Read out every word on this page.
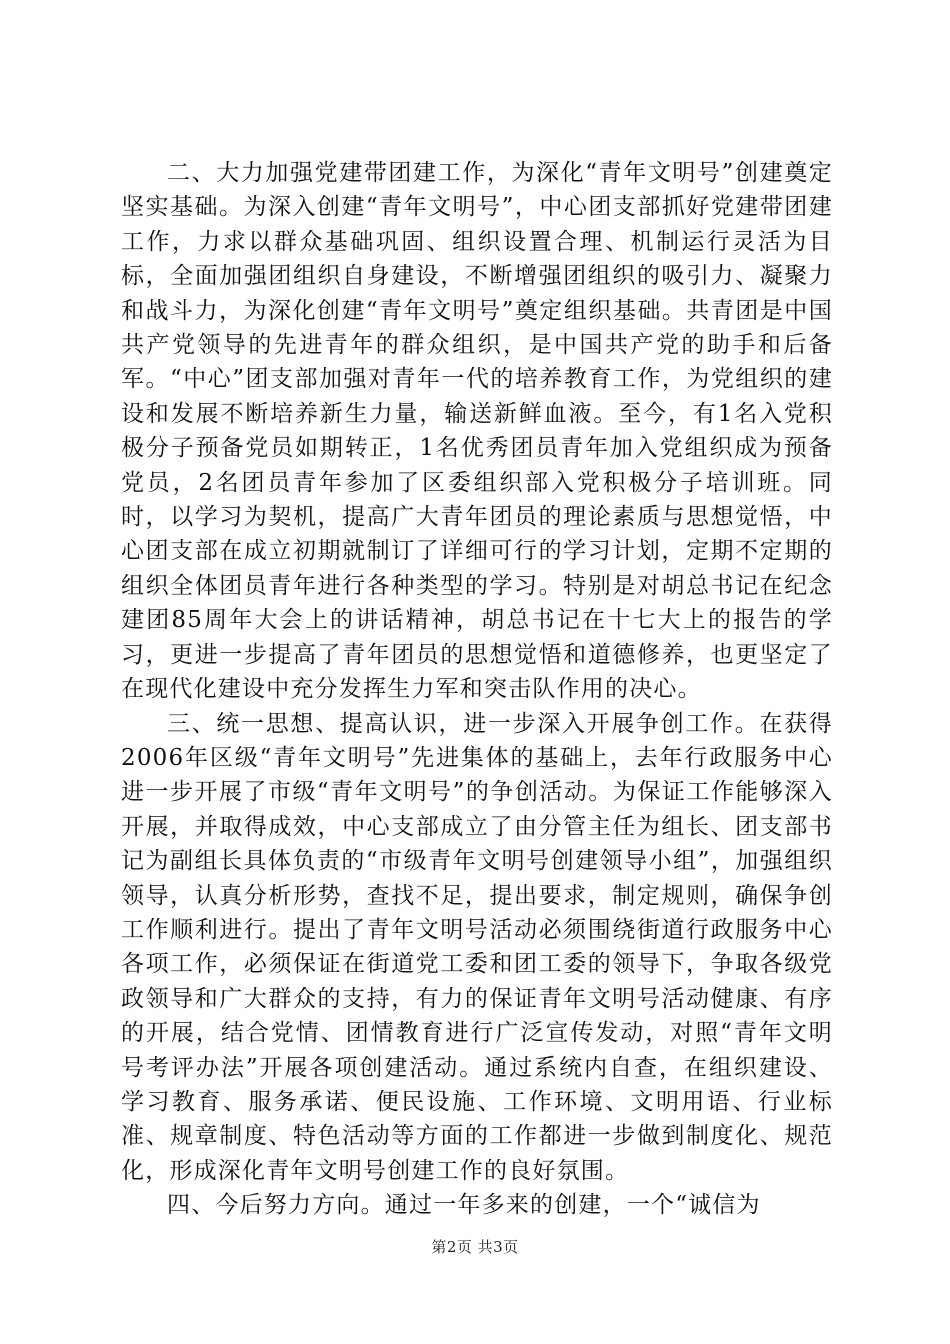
二、大力加强党建带团建工作，为深化“青年文明号”创建奠定坚实基础。为深入创建“青年文明号”，中心团支部抓好党建带团建工作，力求以群众基础巩固、组织设置合理、机制运行灵活为目标，全面加强团组织自身建设，不断增强团组织的吸引力、凝聚力和战斗力，为深化创建“青年文明号”奠定组织基础。共青团是中国共产党领导的先进青年的群众组织，是中国共产党的助手和后备军。“中心”团支部加强对青年一代的培养教育工作，为党组织的建设和发展不断培养新生力量，输送新鲜血液。至今，有1名入党积极分子预备党员如期转正，1名优秀团员青年加入党组织成为预备党员，2名团员青年参加了区委组织部入党积极分子培训班。同时，以学习为契机，提高广大青年团员的理论素质与思想觉悟，中心团支部在成立初期就制订了详细可行的学习计划，定期不定期的组织全体团员青年进行各种类型的学习。特别是对胡总书记在纪念建团85周年大会上的讲话精神，胡总书记在十七大上的报告的学习，更进一步提高了青年团员的思想觉悟和道德修养，也更坚定了在现代化建设中充分发挥生力军和突击队作用的决心。

三、统一思想、提高认识，进一步深入开展争创工作。在获得2006年区级“青年文明号”先进集体的基础上，去年行政服务中心进一步开展了市级“青年文明号”的争创活动。为保证工作能够深入开展，并取得成效，中心支部成立了由分管主任为组长、团支部书记为副组长具体负责的“市级青年文明号创建领导小组”，加强组织领导，认真分析形势，查找不足，提出要求，制定规则，确保争创工作顺利进行。提出了青年文明号活动必须围绕街道行政服务中心各项工作，必须保证在街道党工委和团工委的领导下，争取各级党政领导和广大群众的支持，有力的保证青年文明号活动健康、有序的开展，结合党情、团情教育进行广泛宣传发动，对照“青年文明号考评办法”开展各项创建活动。通过系统内自查，在组织建设、学习教育、服务承诺、便民设施、工作环境、文明用语、行业标准、规章制度、特色活动等方面的工作都进一步做到制度化、规范化，形成深化青年文明号创建工作的良好氛围。

四、今后努力方向。通过一年多来的创建，一个“诚信为

第2页 共3页
